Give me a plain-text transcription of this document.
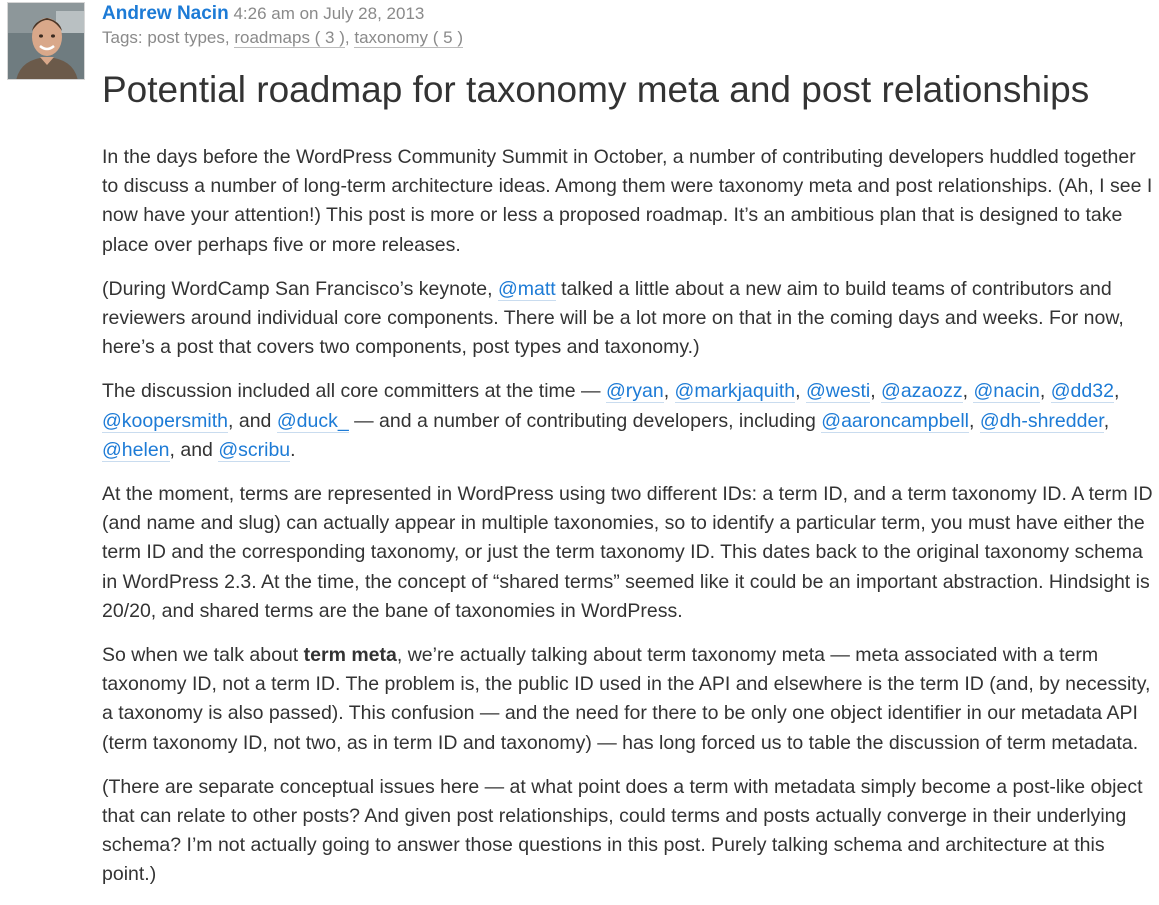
Andrew Nacin 4:26 am on July 28, 2013
Tags: post types, roadmaps ( 3 ), taxonomy ( 5 )
Potential roadmap for taxonomy meta and post relationships

In the days before the WordPress Community Summit in October, a number of contributing developers huddled together to discuss a number of long-term architecture ideas. Among them were taxonomy meta and post relationships. (Ah, I see I now have your attention!) This post is more or less a proposed roadmap. It’s an ambitious plan that is designed to take place over perhaps five or more releases.

(During WordCamp San Francisco’s keynote, @matt talked a little about a new aim to build teams of contributors and reviewers around individual core components. There will be a lot more on that in the coming days and weeks. For now, here’s a post that covers two components, post types and taxonomy.)

The discussion included all core committers at the time — @ryan, @markjaquith, @westi, @azaozz, @nacin, @dd32, @koopersmith, and @duck_ — and a number of contributing developers, including @aaroncampbell, @dh-shredder, @helen, and @scribu.

At the moment, terms are represented in WordPress using two different IDs: a term ID, and a term taxonomy ID. A term ID (and name and slug) can actually appear in multiple taxonomies, so to identify a particular term, you must have either the term ID and the corresponding taxonomy, or just the term taxonomy ID. This dates back to the original taxonomy schema in WordPress 2.3. At the time, the concept of “shared terms” seemed like it could be an important abstraction. Hindsight is 20/20, and shared terms are the bane of taxonomies in WordPress.

So when we talk about term meta, we’re actually talking about term taxonomy meta — meta associated with a term taxonomy ID, not a term ID. The problem is, the public ID used in the API and elsewhere is the term ID (and, by necessity, a taxonomy is also passed). This confusion — and the need for there to be only one object identifier in our metadata API (term taxonomy ID, not two, as in term ID and taxonomy) — has long forced us to table the discussion of term metadata.

(There are separate conceptual issues here — at what point does a term with metadata simply become a post-like object that can relate to other posts? And given post relationships, could terms and posts actually converge in their underlying schema? I’m not actually going to answer those questions in this post. Purely talking schema and architecture at this point.)
